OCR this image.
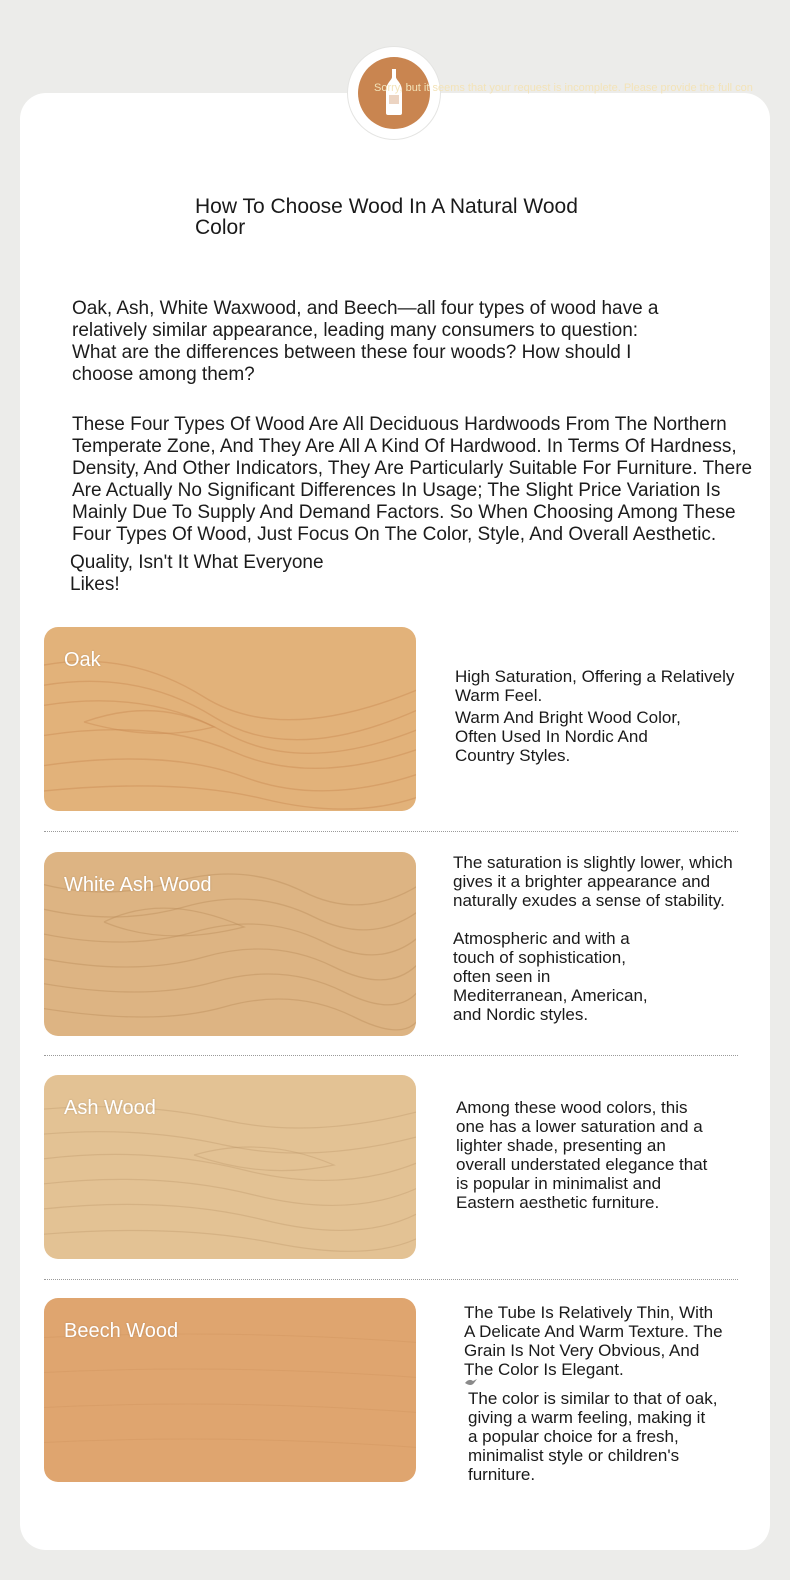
Sorry, but it seems that your request is incomplete. Please provide the full con
How To Choose Wood In A Natural Wood Color

Oak, Ash, White Waxwood, and Beech—all four types of wood have a relatively similar appearance, leading many consumers to question: What are the differences between these four woods? How should I choose among them?

These Four Types Of Wood Are All Deciduous Hardwoods From The Northern Temperate Zone, And They Are All A Kind Of Hardwood. In Terms Of Hardness, Density, And Other Indicators, They Are Particularly Suitable For Furniture. There Are Actually No Significant Differences In Usage; The Slight Price Variation Is Mainly Due To Supply And Demand Factors. So When Choosing Among These Four Types Of Wood, Just Focus On The Color, Style, And Overall Aesthetic.

Quality, Isn't It What Everyone Likes!

Oak

High Saturation, Offering a Relatively Warm Feel.

Warm And Bright Wood Color, Often Used In Nordic And Country Styles.

White Ash Wood

The saturation is slightly lower, which gives it a brighter appearance and naturally exudes a sense of stability.

Atmospheric and with a touch of sophistication, often seen in Mediterranean, American, and Nordic styles.

Ash Wood	Among these wood colors, this one has a lower saturation and a lighter shade, presenting an overall understated elegance that is popular in minimalist and Eastern aesthetic furniture.

Beech Wood

The Tube Is Relatively Thin, With A Delicate And Warm Texture. The Grain Is Not Very Obvious, And The Color Is Elegant.

The color is similar to that of oak, giving a warm feeling, making it a popular choice for a fresh, minimalist style or children's furniture.
